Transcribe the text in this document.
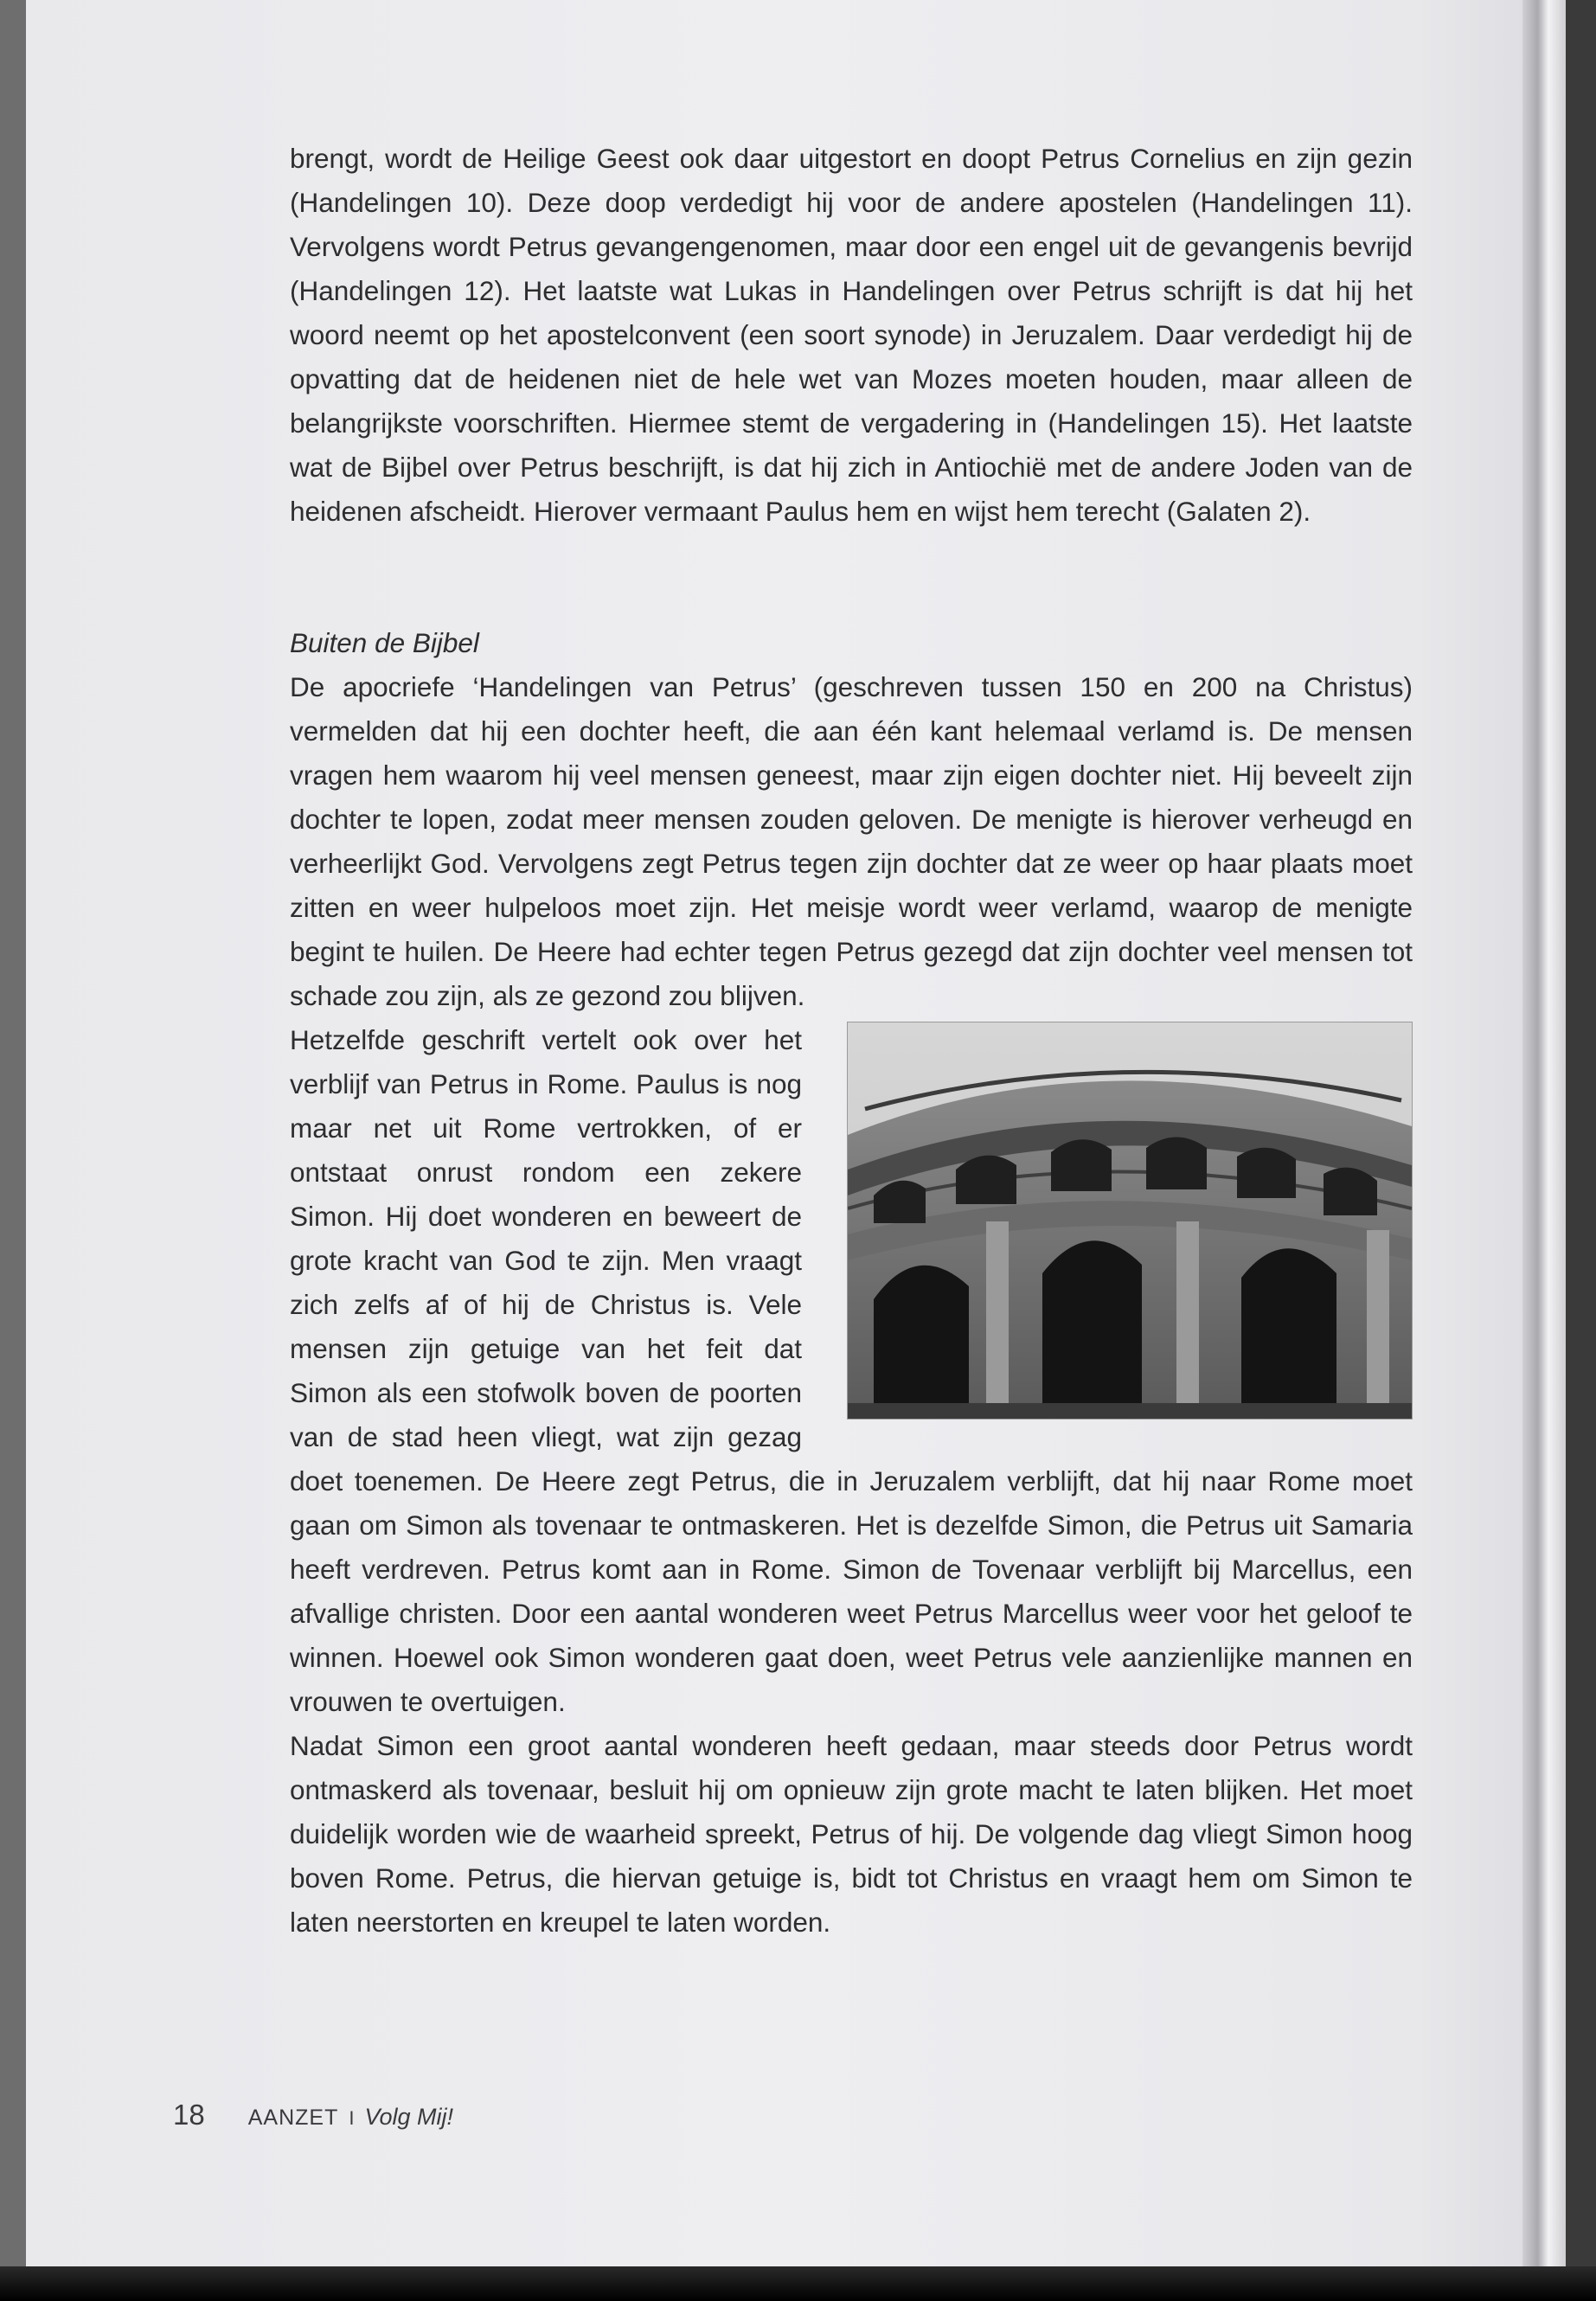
brengt, wordt de Heilige Geest ook daar uitgestort en doopt Petrus Cornelius en zijn gezin (Handelingen 10). Deze doop verdedigt hij voor de andere apostelen (Handelingen 11). Vervolgens wordt Petrus gevangengenomen, maar door een engel uit de gevangenis bevrijd (Handelingen 12). Het laatste wat Lukas in Handelingen over Petrus schrijft is dat hij het woord neemt op het apostelconvent (een soort synode) in Jeruzalem. Daar verdedigt hij de opvatting dat de heidenen niet de hele wet van Mozes moeten houden, maar alleen de belangrijkste voorschriften. Hiermee stemt de vergadering in (Handelingen 15). Het laatste wat de Bijbel over Petrus beschrijft, is dat hij zich in Antiochië met de andere Joden van de heidenen afscheidt. Hierover vermaant Paulus hem en wijst hem terecht (Galaten 2).

Buiten de Bijbel

De apocriefe ‘Handelingen van Petrus’ (geschreven tussen 150 en 200 na Christus) vermelden dat hij een dochter heeft, die aan één kant helemaal verlamd is. De mensen vragen hem waarom hij veel mensen geneest, maar zijn eigen dochter niet. Hij beveelt zijn dochter te lopen, zodat meer mensen zouden geloven. De menigte is hierover verheugd en verheerlijkt God. Vervolgens zegt Petrus tegen zijn dochter dat ze weer op haar plaats moet zitten en weer hulpeloos moet zijn. Het meisje wordt weer verlamd, waarop de menigte begint te huilen. De Heere had echter tegen Petrus gezegd dat zijn dochter veel mensen tot schade zou zijn, als ze gezond zou blijven.

Hetzelfde geschrift vertelt ook over het verblijf van Petrus in Rome. Paulus is nog maar net uit Rome vertrokken, of er ontstaat onrust rondom een zekere Simon. Hij doet wonderen en beweert de grote kracht van God te zijn. Men vraagt zich zelfs af of hij de Christus is. Vele mensen zijn getuige van het feit dat Simon als een stofwolk boven de poorten van de stad heen vliegt, wat zijn gezag doet toenemen. De Heere zegt Petrus, die in Jeruzalem verblijft, dat hij naar Rome moet gaan om Simon als tovenaar te ontmaskeren. Het is dezelfde Simon, die Petrus uit Samaria heeft verdreven. Petrus komt aan in Rome. Simon de Tovenaar verblijft bij Marcellus, een afvallige christen. Door een aantal wonderen weet Petrus Marcellus weer voor het geloof te winnen. Hoewel ook Simon wonderen gaat doen, weet Petrus vele aanzienlijke mannen en vrouwen te overtuigen.

Nadat Simon een groot aantal wonderen heeft gedaan, maar steeds door Petrus wordt ontmaskerd als tovenaar, besluit hij om opnieuw zijn grote macht te laten blijken. Het moet duidelijk worden wie de waarheid spreekt, Petrus of hij. De volgende dag vliegt Simon hoog boven Rome. Petrus, die hiervan getuige is, bidt tot Christus en vraagt hem om Simon te laten neerstorten en kreupel te laten worden.

18 AANZET I Volg Mij!
